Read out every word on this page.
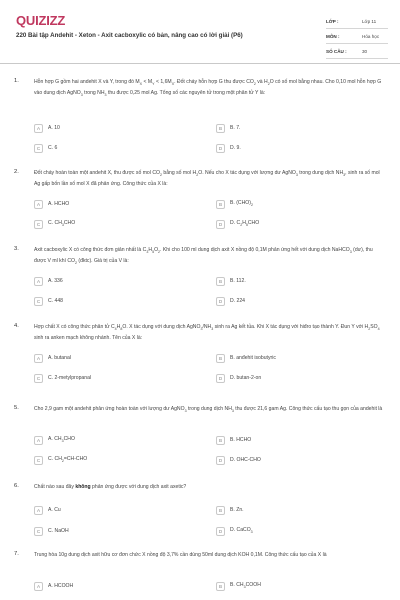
QUIZIZZ
220 Bài tập Andehit - Xeton - Axit cacboxylic có bản, nâng cao có lời giải (P6)
LỚP :	Lớp 11
MÔN :	Hóa học
SỐ CÂU :	30
1.	Hỗn hợp G gồm hai andehit X và Y, trong đó $M_X < M_Y < 1,6M_X$. Đốt cháy hỗn hợp G thu được $CO_2$ và $H_2O$ có số mol bằng nhau. Cho 0,10 mol hỗn hợp G vào dung dịch AgNO$_3$ trong $NH_3$ thu được 0,25 mol Ag. Tổng số các nguyên tử trong một phân tử Y là:
A	A. 10	B	B. 7.
C	C. 6	D	D. 9.
2.	Đốt cháy hoàn toàn một andehit X, thu được số mol $CO_2$ bằng số mol $H_2O$. Nếu cho X tác dụng với lượng dư AgNO$_3$ trong dung dịch $NH_3$, sinh ra số mol Ag gấp bốn lần số mol X đã phản ứng. Công thức của X là:
A	A. HCHO	B	B. $(CHO)_2$
C	C. $CH_3CHO$	D	D. $C_2H_5CHO$
3.	Axit cacboxylic X có công thức đơn giản nhất là $C_3H_5O_2$. Khi cho 100 ml dung dịch axit X nồng độ 0,1M phản ứng hết với dung dịch NaHCO$_3$ (dư), thu được V ml khí $CO_2$ (đktc). Giá trị của V là:
A	A. 336	B	B. 112.
C	C. 448	D	D. 224
4.	Hợp chất X có công thức phân tử $C_4H_8O$. X tác dụng với dung dịch $AgNO_3/NH_3$ sinh ra Ag kết tủa. Khi X tác dụng với hiđro tạo thành Y. Đun Y với $H_2SO_4$ sinh ra anken mạch không nhánh. Tên của X là:
A	A. butanal	B	B. anđehit isobutyric
C	C. 2-metylpropanal	D	D. butan-2-on
5.	Cho 2,9 gam một andehit phản ứng hoàn toàn với lượng dư AgNO$_3$ trong dung dịch $NH_3$ thu được 21,6 gam Ag. Công thức cấu tạo thu gọn của andehit là
A	A. $CH_3CHO$	B	B. HCHO
C	C. $CH_2=CH$-CHO	D	D. OHC-CHO
6.	Chất nào sau đây không phản ứng được với dung dịch axit axetic?
A	A. Cu	B	B. Zn.
C	C. NaOH	D	D. CaCO$_3$
7.	Trung hòa 10g dung dịch axit hữu cơ đơn chức X nồng độ 3,7% cần dùng 50ml dung dịch KOH 0,1M. Công thức cấu tạo của X là
A	A. HCOOH	B	B. $CH_3COOH$
